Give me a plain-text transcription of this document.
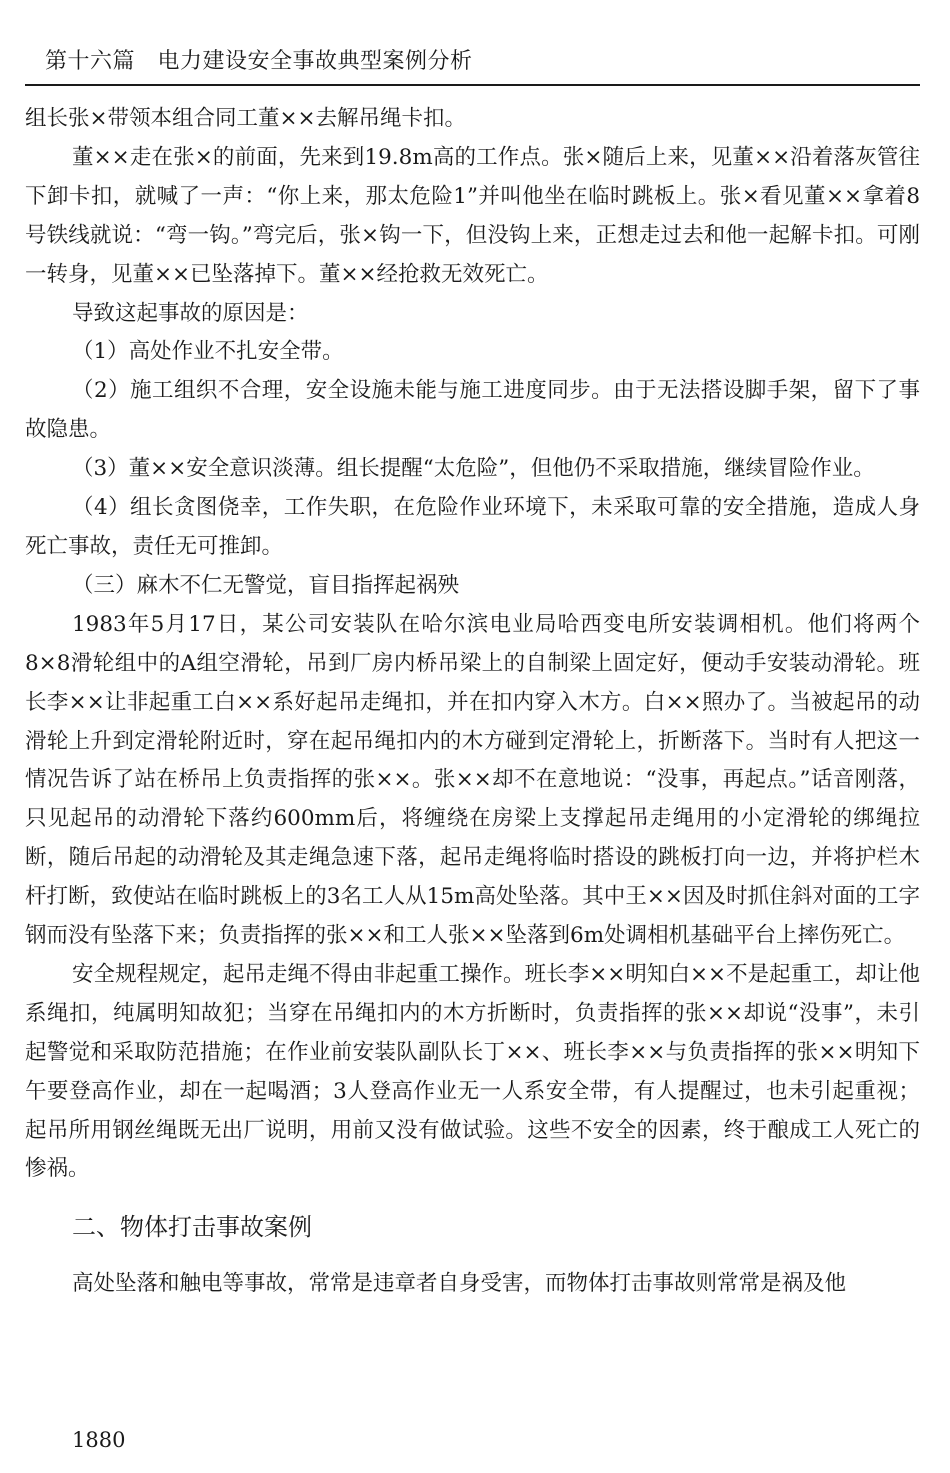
第十六篇　电力建设安全事故典型案例分析

组长张×带领本组合同工董××去解吊绳卡扣。

董××走在张×的前面，先来到19.8m高的工作点。张×随后上来，见董××沿着落灰管往下卸卡扣，就喊了一声：“你上来，那太危险1”并叫他坐在临时跳板上。张×看见董××拿着8号铁线就说：“弯一钩。”弯完后，张×钩一下，但没钩上来，正想走过去和他一起解卡扣。可刚一转身，见董××已坠落掉下。董××经抢救无效死亡。

导致这起事故的原因是：

（1）高处作业不扎安全带。

（2）施工组织不合理，安全设施未能与施工进度同步。由于无法搭设脚手架，留下了事故隐患。

（3）董××安全意识淡薄。组长提醒“太危险”，但他仍不采取措施，继续冒险作业。

（4）组长贪图侥幸，工作失职，在危险作业环境下，未采取可靠的安全措施，造成人身死亡事故，责任无可推卸。

（三）麻木不仁无警觉，盲目指挥起祸殃

1983年5月17日，某公司安装队在哈尔滨电业局哈西变电所安装调相机。他们将两个8×8滑轮组中的A组空滑轮，吊到厂房内桥吊梁上的自制梁上固定好，便动手安装动滑轮。班长李××让非起重工白××系好起吊走绳扣，并在扣内穿入木方。白××照办了。当被起吊的动滑轮上升到定滑轮附近时，穿在起吊绳扣内的木方碰到定滑轮上，折断落下。当时有人把这一情况告诉了站在桥吊上负责指挥的张××。张××却不在意地说：“没事，再起点。”话音刚落，只见起吊的动滑轮下落约600mm后，将缠绕在房梁上支撑起吊走绳用的小定滑轮的绑绳拉断，随后吊起的动滑轮及其走绳急速下落，起吊走绳将临时搭设的跳板打向一边，并将护栏木杆打断，致使站在临时跳板上的3名工人从15m高处坠落。其中王××因及时抓住斜对面的工字钢而没有坠落下来；负责指挥的张××和工人张××坠落到6m处调相机基础平台上摔伤死亡。

安全规程规定，起吊走绳不得由非起重工操作。班长李××明知白××不是起重工，却让他系绳扣，纯属明知故犯；当穿在吊绳扣内的木方折断时，负责指挥的张××却说“没事”，未引起警觉和采取防范措施；在作业前安装队副队长丁××、班长李××与负责指挥的张××明知下午要登高作业，却在一起喝酒；3人登高作业无一人系安全带，有人提醒过，也未引起重视；起吊所用钢丝绳既无出厂说明，用前又没有做试验。这些不安全的因素，终于酿成工人死亡的惨祸。

二、物体打击事故案例

高处坠落和触电等事故，常常是违章者自身受害，而物体打击事故则常常是祸及他

1880
